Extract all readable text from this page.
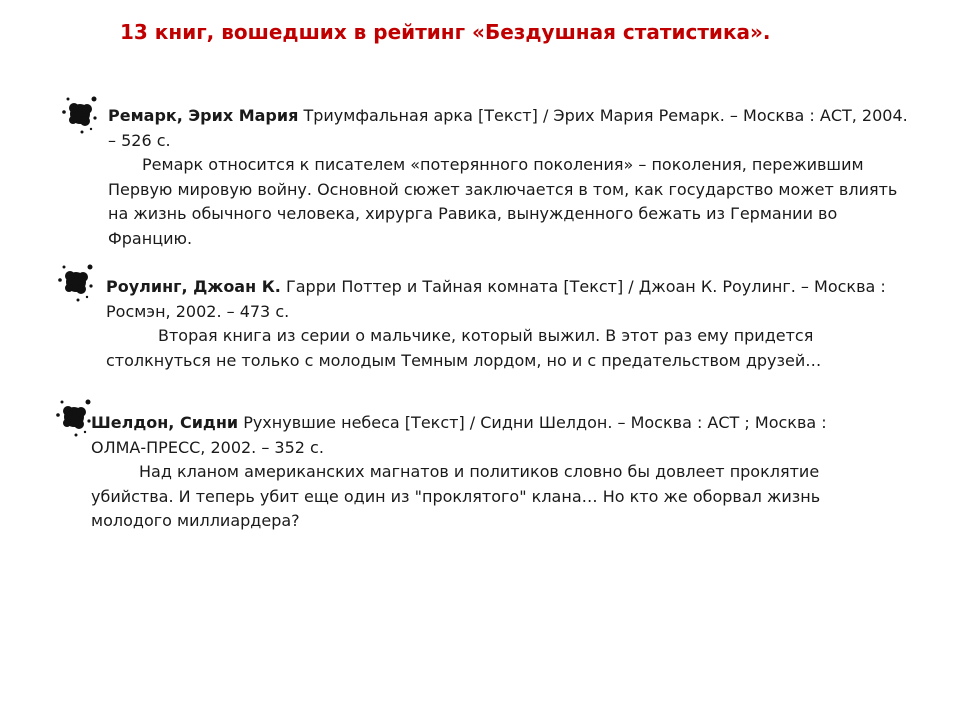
13 книг, вошедших в рейтинг «Бездушная статистика».

Ремарк, Эрих Мария Триумфальная арка [Текст] / Эрих Мария Ремарк. – Москва : АСТ, 2004. – 526 с.

Ремарк относится к писателем «потерянного поколения» – поколения, пережившим Первую мировую войну. Основной сюжет заключается в том, как государство может влиять на жизнь обычного человека, хирурга Равика, вынужденного бежать из Германии во Францию.

Роулинг, Джоан К. Гарри Поттер и Тайная комната [Текст] / Джоан К. Роулинг. – Москва : Росмэн, 2002. – 473 с.

Вторая книга из серии о мальчике, который выжил. В этот раз ему придется столкнуться не только с молодым Темным лордом, но и с предательством друзей…

Шелдон, Сидни Рухнувшие небеса [Текст] / Сидни Шелдон. – Москва : АСТ ; Москва : ОЛМА-ПРЕСС, 2002. – 352 с.

Над кланом американских магнатов и политиков словно бы довлеет проклятие убийства. И теперь убит еще один из "проклятого" клана… Но кто же оборвал жизнь молодого миллиардера?
